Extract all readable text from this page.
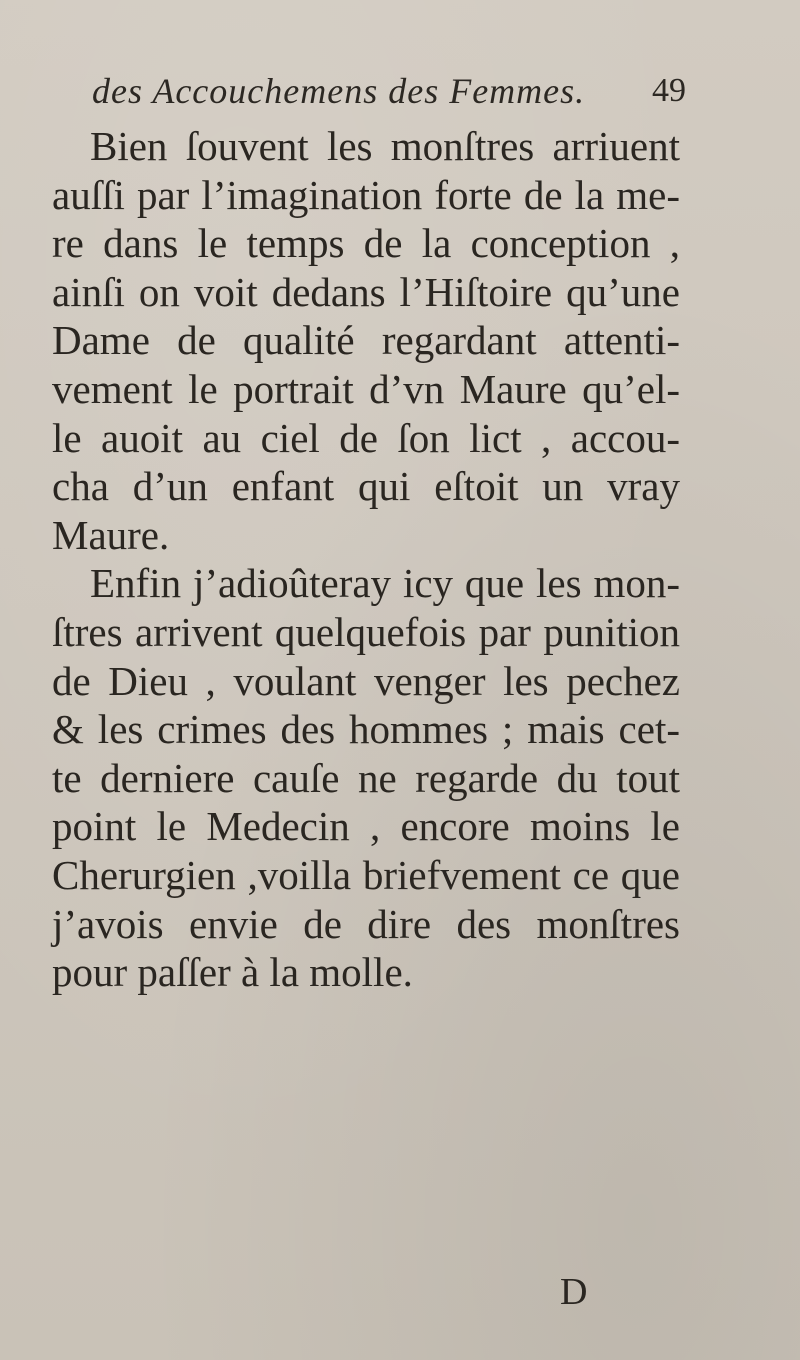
des Accouchemens des Femmes. 49
Bien ſouvent les monſtres arriuent
auſſi par l’imagination forte de la me-
re dans le temps de la conception ,
ainſi on voit dedans l’Hiſtoire qu’une
Dame de qualité regardant attenti-
vement le portrait d’vn Maure qu’el-
le auoit au ciel de ſon lict , accou-
cha d’un enfant qui eſtoit un vray
Maure.
Enfin j’adioûteray icy que les mon-
ſtres arrivent quelquefois par punition
de Dieu , voulant venger les pechez
& les crimes des hommes ; mais cet-
te derniere cauſe ne regarde du tout
point le Medecin , encore moins le
Cherurgien ,voilla briefvement ce que
j’avois envie de dire des monſtres
pour paſſer à la molle.
D
